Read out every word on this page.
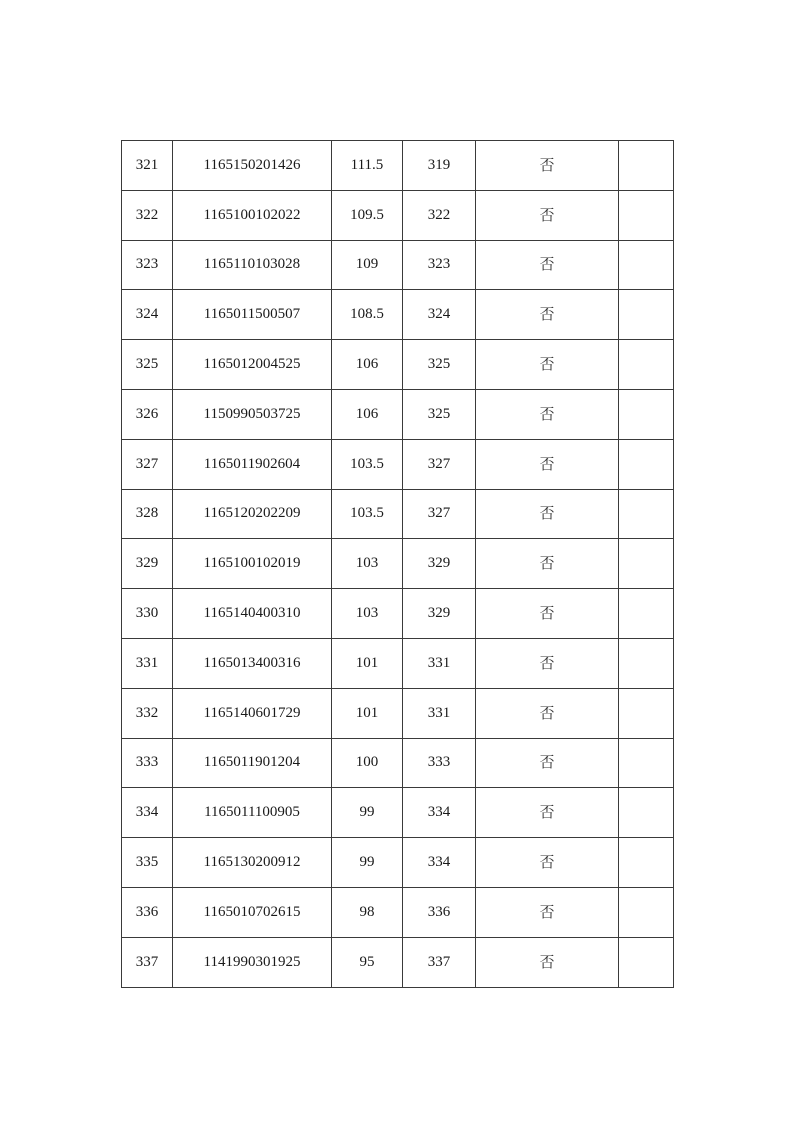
321	1165150201426	111.5	319	否	
322	1165100102022	109.5	322	否	
323	1165110103028	109	323	否	
324	1165011500507	108.5	324	否	
325	1165012004525	106	325	否	
326	1150990503725	106	325	否	
327	1165011902604	103.5	327	否	
328	1165120202209	103.5	327	否	
329	1165100102019	103	329	否	
330	1165140400310	103	329	否	
331	1165013400316	101	331	否	
332	1165140601729	101	331	否	
333	1165011901204	100	333	否	
334	1165011100905	99	334	否	
335	1165130200912	99	334	否	
336	1165010702615	98	336	否	
337	1141990301925	95	337	否	
